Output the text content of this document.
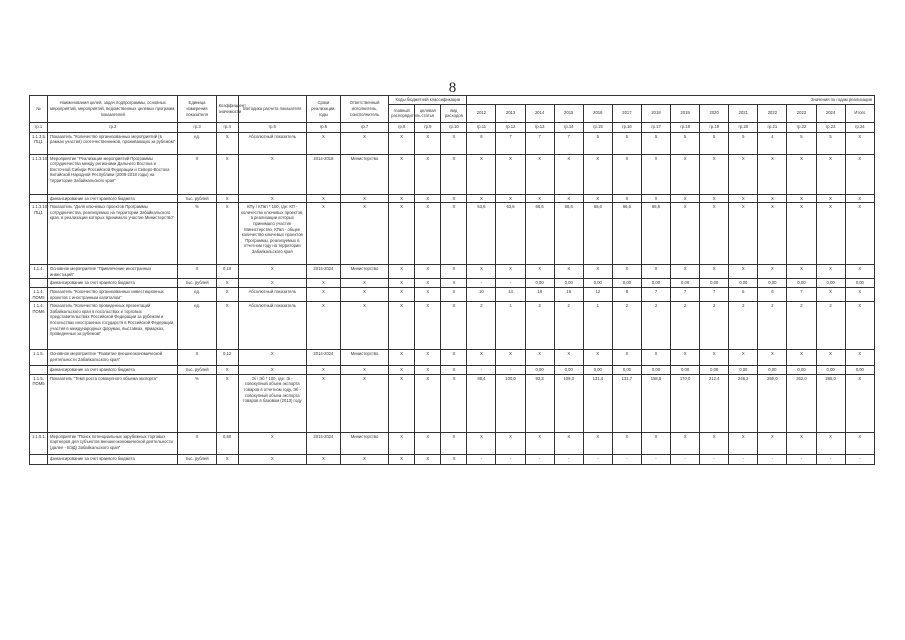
8
№	Наименования целей, задач подпрограммы, основных мероприятий, мероприятий, ведомственных целевых программ, показателей	Единица измерения показателя	Коэффициент значимости	Методика расчета показателя	Сроки реализации, годы	Ответственный исполнитель, соисполнитель	Коды бюджетной классификации			Значения по годам реализации													
							главный распорядитель	целевая статья	вид расходов	2012	2013	2014	2015	2016	2017	2018	2019	2020	2021	2022	2023	2024	Итого
гр.1	гр.2	гр.3	гр.4	гр.5	гр.6	гр.7	гр.8	гр.9	гр.10	гр.11	гр.12	гр.13	гр.14	гр.15	гр.16	гр.17	гр.18	гр.19	гр.20	гр.21	гр.22	гр.23	гр.24
1.1.3.5. ПЦ1	Показатель "Количество организованных мероприятий (в рамках участия) соотечественников, проживающих за рубежом"	ед.	X	Абсолютный показатель	X	X	X	X	X	6	7	7	7	5	5	5	5	5	5	4	5	5	X
1.1.3.10.	Мероприятие "Реализация мероприятий Программы сотрудничества между регионами Дальнего Востока и Восточной Сибири Российской Федерации и Северо-Востока Китайской Народной Республики (2009-2018 годы) на территории Забайкальского края"	X	X	X	2014-2018	Министерство	X	X	X	X	X	X	X	X	X	X	X	X	X	X	X	X	X
	финансирование за счет краевого бюджета	тыс. рублей	X	X	X	X	X	X	X	X	X	X	X	X	X	X	X	X	X	X	X	X	X
1.1.3.10-ПЦ1	Показатель "Доля ключевых проектов Программы сотрудничества, реализуемых на территории Забайкальского края, в реализации которых принимало участие Министерство"	%	X	КПу / КПкп * 100, где: КП - количество ключевых проектов, в реализации которых принимало участие Министерство, КПкп - общее количество ключевых проектов Программы, реализуемых в отчетном году на территории Забайкальского края	X	X	X	X	X	63,6	63,6	66,6	66,6	66,6	66,6	66,6	X	X	X	X	X	X	X
1.1.4.	Основное мероприятие "Привлечение иностранных инвестиций"	X	0,10	X	2014-2024	Министерство	X	X	X	X	X	X	X	X	X	X	X	X	X	X	X	X	X
	финансирование за счет краевого бюджета	тыс. рублей	X	X	X	X	X	X	X	-	-	0,00	0,00	0,00	0,00	0,00	0,00	0,00	0,00	0,00	0,00	0,00	0,00
1.1.4. ПОМ5	Показатель "Количество организованных инвестиционных проектов с иностранным капиталом"	ед.	X	Абсолютный показатель	X	X	X	X	X	10	13	18	16	12	8	7	7	7	5	6	7	X	X
1.1.4. ПОМ6	Показатель "Количество проведенных презентаций Забайкальского края в посольствах и торговых представительствах Российской Федерации за рубежом и посольствах иностранных государств в Российской Федерации, участия в международных форумах, выставках, ярмарках, проведенных за рубежом"	ед.	X	Абсолютный показатель	X	X	X	X	X	2	1	2	2	1	2	2	2	2	2	2	2	2	X
1.1.5.	Основное мероприятие "Развитие внешнеэкономической деятельности Забайкальского края"	X	0,12	X	2014-2024	Министерство	X	X	X	X	X	X	X	X	X	X	X	X	X	X	X	X	X
	финансирование за счет краевого бюджета	тыс. рублей	X	X	X	X	X	X	X	-	-	0,00	0,00	0,00	0,00	0,00	0,00	0,00	0,00	0,00	0,00	0,00	0,00
1.1.5. ПОМ5	Показатель "Темп роста совокупного объема экспорта"	%	X	Эi / Эб * 100, где: Эi - совокупный объем экспорта товаров в отчетном году, Эб - совокупный объем экспорта товаров в базовом (2013) году	X	X	X	X	X	98,4	100,0	92,3	109,3	131,4	131,7	158,8	170,0	212,4	246,2	250,0	262,0	285,0	X
1.1.5.1.	Мероприятие "Поиск потенциальных зарубежных торговых партнеров для субъектов внешнеэкономической деятельности (далее - ВЭД) Забайкальского края"	X	0,50	X	2014-2024	Министерство	X	X	X	X	X	X	X	X	X	X	X	X	X	X	X	X	X
	финансирование за счет краевого бюджета	тыс. рублей	X	X	X	X	X	X	X	-	-	-	-	-	-	-	-	-	-	-	-	-	-
